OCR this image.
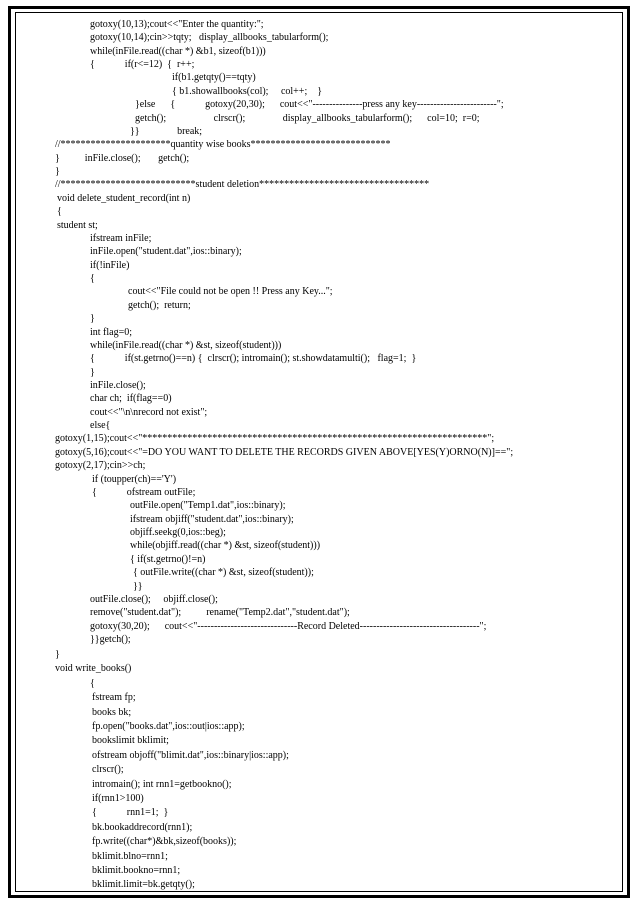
gotoxy(10,13);cout<<"Enter the quantity:";
gotoxy(10,14);cin>>tqty;   display_allbooks_tabularform();
while(inFile.read((char *) &b1, sizeof(b1)))
{            if(r<=12)  {  r++;
if(b1.getqty()==tqty)
{ b1.showallbooks(col);     col++;    }
}else      {            gotoxy(20,30);      cout<<"---------------press any key------------------------";
getch();                   clrscr();               display_allbooks_tabularform();      col=10;  r=0;
}}               break;
//**********************quantity wise books****************************
}          inFile.close();       getch();
}
//***************************student deletion**********************************
void delete_student_record(int n)
{
student st;
ifstream inFile;
inFile.open("student.dat",ios::binary);
if(!inFile)
{
cout<<"File could not be open !! Press any Key...";
getch();  return;
}
int flag=0;
while(inFile.read((char *) &st, sizeof(student)))
{            if(st.getrno()==n) {  clrscr(); intromain(); st.showdatamulti();   flag=1;  }
}
inFile.close();
char ch;  if(flag==0)
cout<<"\n\nrecord not exist";
else{
gotoxy(1,15);cout<<"*********************************************************************";
gotoxy(5,16);cout<<"=DO YOU WANT TO DELETE THE RECORDS GIVEN ABOVE[YES(Y)ORNO(N)]==";
gotoxy(2,17);cin>>ch;
if (toupper(ch)=='Y')
{            ofstream outFile;
outFile.open("Temp1.dat",ios::binary);
ifstream objiff("student.dat",ios::binary);
objiff.seekg(0,ios::beg);
while(objiff.read((char *) &st, sizeof(student)))
{ if(st.getrno()!=n)
{ outFile.write((char *) &st, sizeof(student));
}}
outFile.close();     objiff.close();
remove("student.dat");          rename("Temp2.dat","student.dat");
gotoxy(30,20);      cout<<"------------------------------Record Deleted------------------------------------";
}}getch();
}
void write_books()
{
fstream fp;
books bk;
fp.open("books.dat",ios::out|ios::app);
bookslimit bklimit;
ofstream objoff("blimit.dat",ios::binary|ios::app);
clrscr();
intromain(); int rnn1=getbookno();
if(rnn1>100)
{            rnn1=1;  }
bk.bookaddrecord(rnn1);
fp.write((char*)&bk,sizeof(books));
bklimit.blno=rnn1;
bklimit.bookno=rnn1;
bklimit.limit=bk.getqty();
